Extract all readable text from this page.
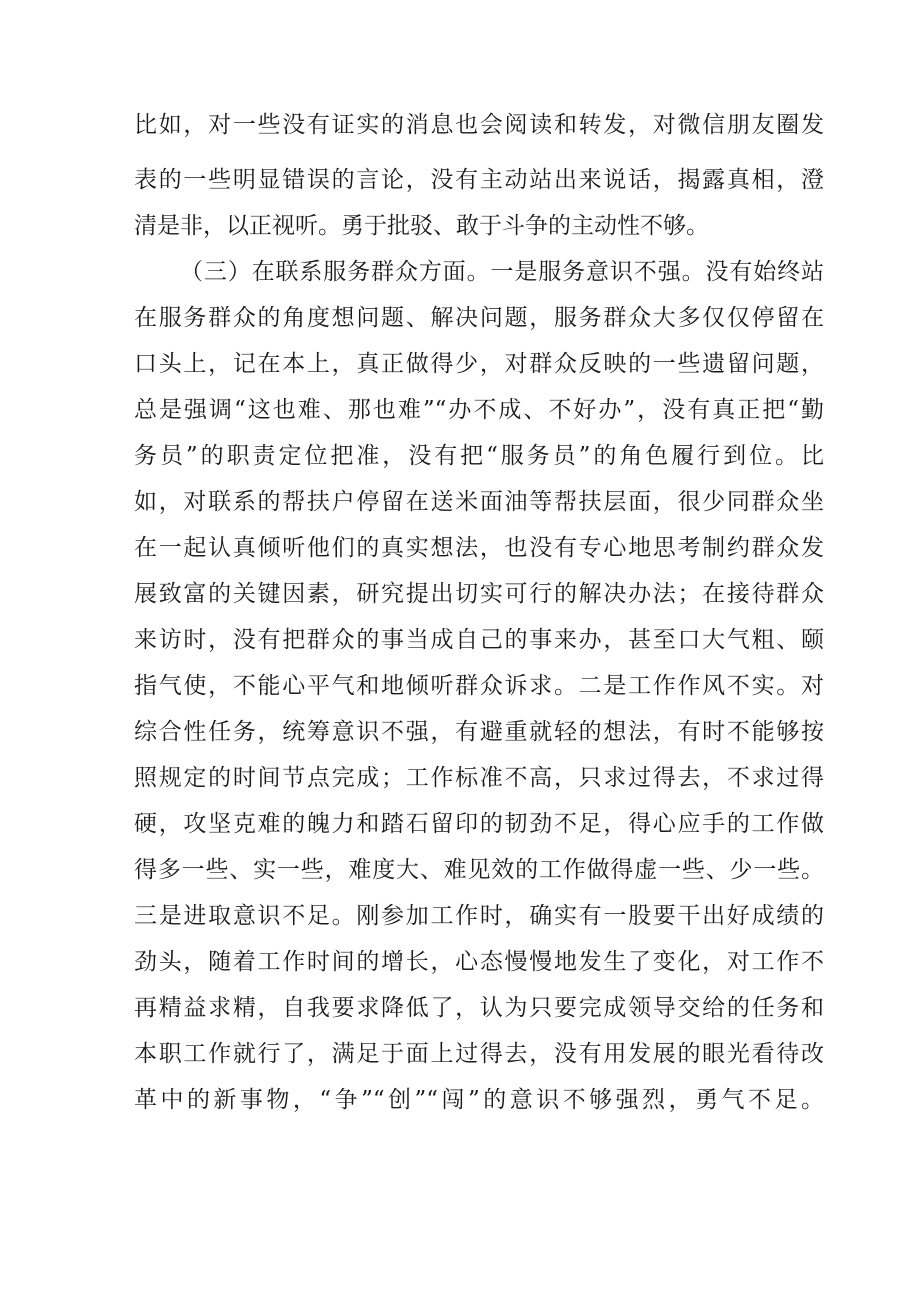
比如，对一些没有证实的消息也会阅读和转发，对微信朋友圈发
表的一些明显错误的言论，没有主动站出来说话，揭露真相，澄
清是非，以正视听。勇于批驳、敢于斗争的主动性不够。
（三）在联系服务群众方面。一是服务意识不强。没有始终站
在服务群众的角度想问题、解决问题，服务群众大多仅仅停留在
口头上，记在本上，真正做得少，对群众反映的一些遗留问题，
总是强调“这也难、那也难”“办不成、不好办”，没有真正把“勤
务员”的职责定位把准，没有把“服务员”的角色履行到位。比
如，对联系的帮扶户停留在送米面油等帮扶层面，很少同群众坐
在一起认真倾听他们的真实想法，也没有专心地思考制约群众发
展致富的关键因素，研究提出切实可行的解决办法；在接待群众
来访时，没有把群众的事当成自己的事来办，甚至口大气粗、颐
指气使，不能心平气和地倾听群众诉求。二是工作作风不实。对
综合性任务，统筹意识不强，有避重就轻的想法，有时不能够按
照规定的时间节点完成；工作标准不高，只求过得去，不求过得
硬，攻坚克难的魄力和踏石留印的韧劲不足，得心应手的工作做
得多一些、实一些，难度大、难见效的工作做得虚一些、少一些。
三是进取意识不足。刚参加工作时，确实有一股要干出好成绩的
劲头，随着工作时间的增长，心态慢慢地发生了变化，对工作不
再精益求精，自我要求降低了，认为只要完成领导交给的任务和
本职工作就行了，满足于面上过得去，没有用发展的眼光看待改
革中的新事物，“争”“创”“闯”的意识不够强烈，勇气不足。
